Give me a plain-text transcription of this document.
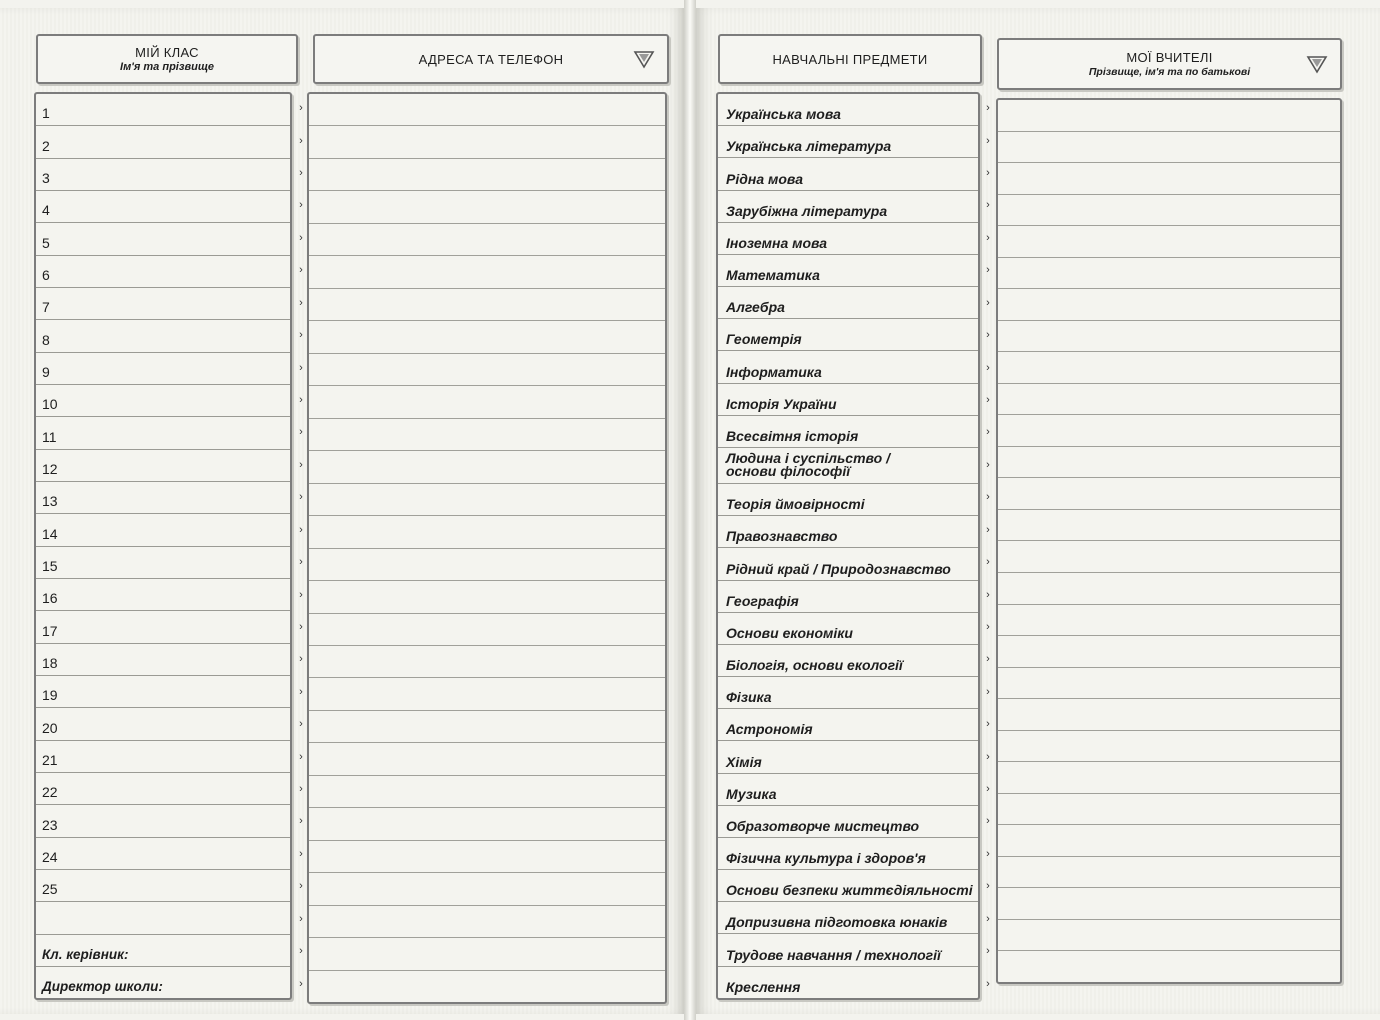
МІЙ КЛАС
Ім'я та прізвище
АДРЕСА ТА ТЕЛЕФОН
1
2
3
4
5
6
7
8
9
10
11
12
13
14
15
16
17
18
19
20
21
22
23
24
25
Кл. керівник:
Директор школи:
›
›
›
›
›
›
›
›
›
›
›
›
›
›
›
›
›
›
›
›
›
›
›
›
›
›
›
›
НАВЧАЛЬНІ ПРЕДМЕТИ	МОЇ ВЧИТЕЛІ
Прізвище, ім'я та по батькові
Українська мова
Українська література
Рідна мова
Зарубіжна література
Іноземна мова
Математика
Алгебра
Геометрія
Інформатика
Історія України
Всесвітня історія
Людина і суспільство / основи філософії
Теорія ймовірності
Правознавство
Рідний край / Природознавство
Географія
Основи економіки
Біологія, основи екології
Фізика
Астрономія
Хімія
Музика
Образотворче мистецтво
Фізична культура і здоров'я
Основи безпеки життєдіяльності
Допризивна підготовка юнаків
Трудове навчання / технології
Креслення
›
›
›
›
›
›
›
›
›
›
›
›
›
›
›
›
›
›
›
›
›
›
›
›
›
›
›
›
